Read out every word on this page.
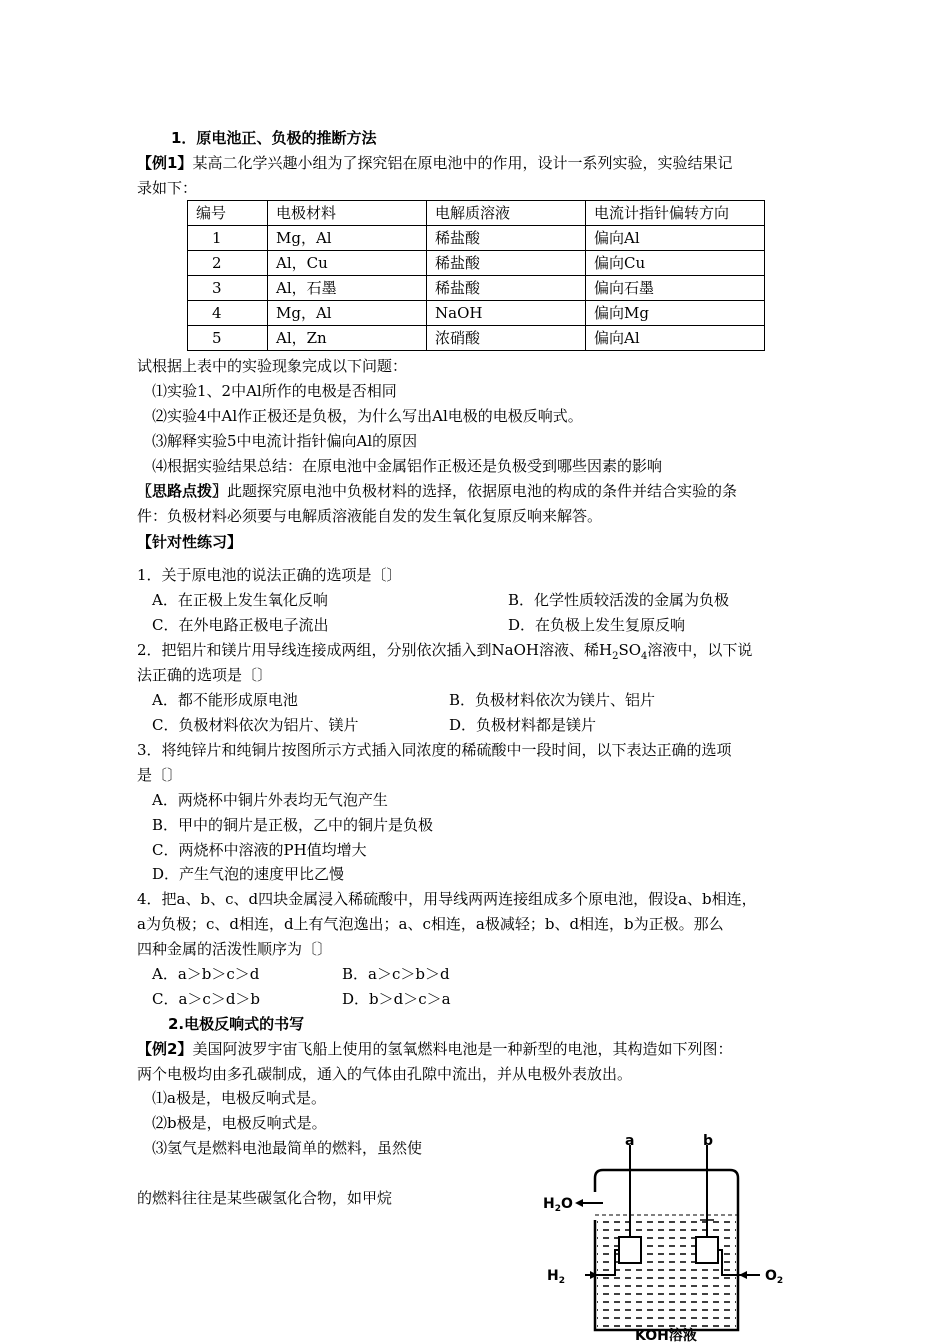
1．原电池正、负极的推断方法
【例1】某高二化学兴趣小组为了探究铝在原电池中的作用，设计一系列实验，实验结果记
录如下：
编号	电极材料	电解质溶液	电流计指针偏转方向
1	Mg，Al	稀盐酸	偏向Al
2	Al，Cu	稀盐酸	偏向Cu
3	Al，石墨	稀盐酸	偏向石墨
4	Mg，Al	NaOH	偏向Mg
5	Al，Zn	浓硝酸	偏向Al
试根据上表中的实验现象完成以下问题：
⑴实验1、2中Al所作的电极是否相同
⑵实验4中Al作正极还是负极，为什么写出Al电极的电极反响式。
⑶解释实验5中电流计指针偏向Al的原因
⑷根据实验结果总结：在原电池中金属铝作正极还是负极受到哪些因素的影响
〖思路点拨〗此题探究原电池中负极材料的选择，依据原电池的构成的条件并结合实验的条
件：负极材料必须要与电解质溶液能自发的发生氧化复原反响来解答。
【针对性练习】
1．关于原电池的说法正确的选项是〔〕
A．在正极上发生氧化反响	B．化学性质较活泼的金属为负极
C．在外电路正极电子流出	D．在负极上发生复原反响
2．把铝片和镁片用导线连接成两组，分别依次插入到NaOH溶液、稀$H_2SO_4$溶液中，以下说
法正确的选项是〔〕
A．都不能形成原电池	B．负极材料依次为镁片、铝片
C．负极材料依次为铝片、镁片	D．负极材料都是镁片
3．将纯锌片和纯铜片按图所示方式插入同浓度的稀硫酸中一段时间，以下表达正确的选项
是〔〕
A．两烧杯中铜片外表均无气泡产生
B．甲中的铜片是正极，乙中的铜片是负极
C．两烧杯中溶液的PH值均增大
D．产生气泡的速度甲比乙慢
4．把a、b、c、d四块金属浸入稀硫酸中，用导线两两连接组成多个原电池，假设a、b相连，
a为负极；c、d相连，d上有气泡逸出；a、c相连，a极减轻；b、d相连，b为正极。那么
四种金属的活泼性顺序为〔〕
A．a＞b＞c＞d	B．a＞c＞b＞d
C．a＞c＞d＞b	D．b＞d＞c＞a
2.电极反响式的书写
【例2】美国阿波罗宇宙飞船上使用的氢氧燃料电池是一种新型的电池，其构造如下列图：
两个电极均由多孔碳制成，通入的气体由孔隙中流出，并从电极外表放出。
⑴a极是，电极反响式是。
⑵b极是，电极反响式是。
⑶氢气是燃料电池最简单的燃料，虽然使
的燃料往往是某些碳氢化合物，如甲烷
a	b
$H_2O$
$H_2$	$O_2$
KOH溶液
